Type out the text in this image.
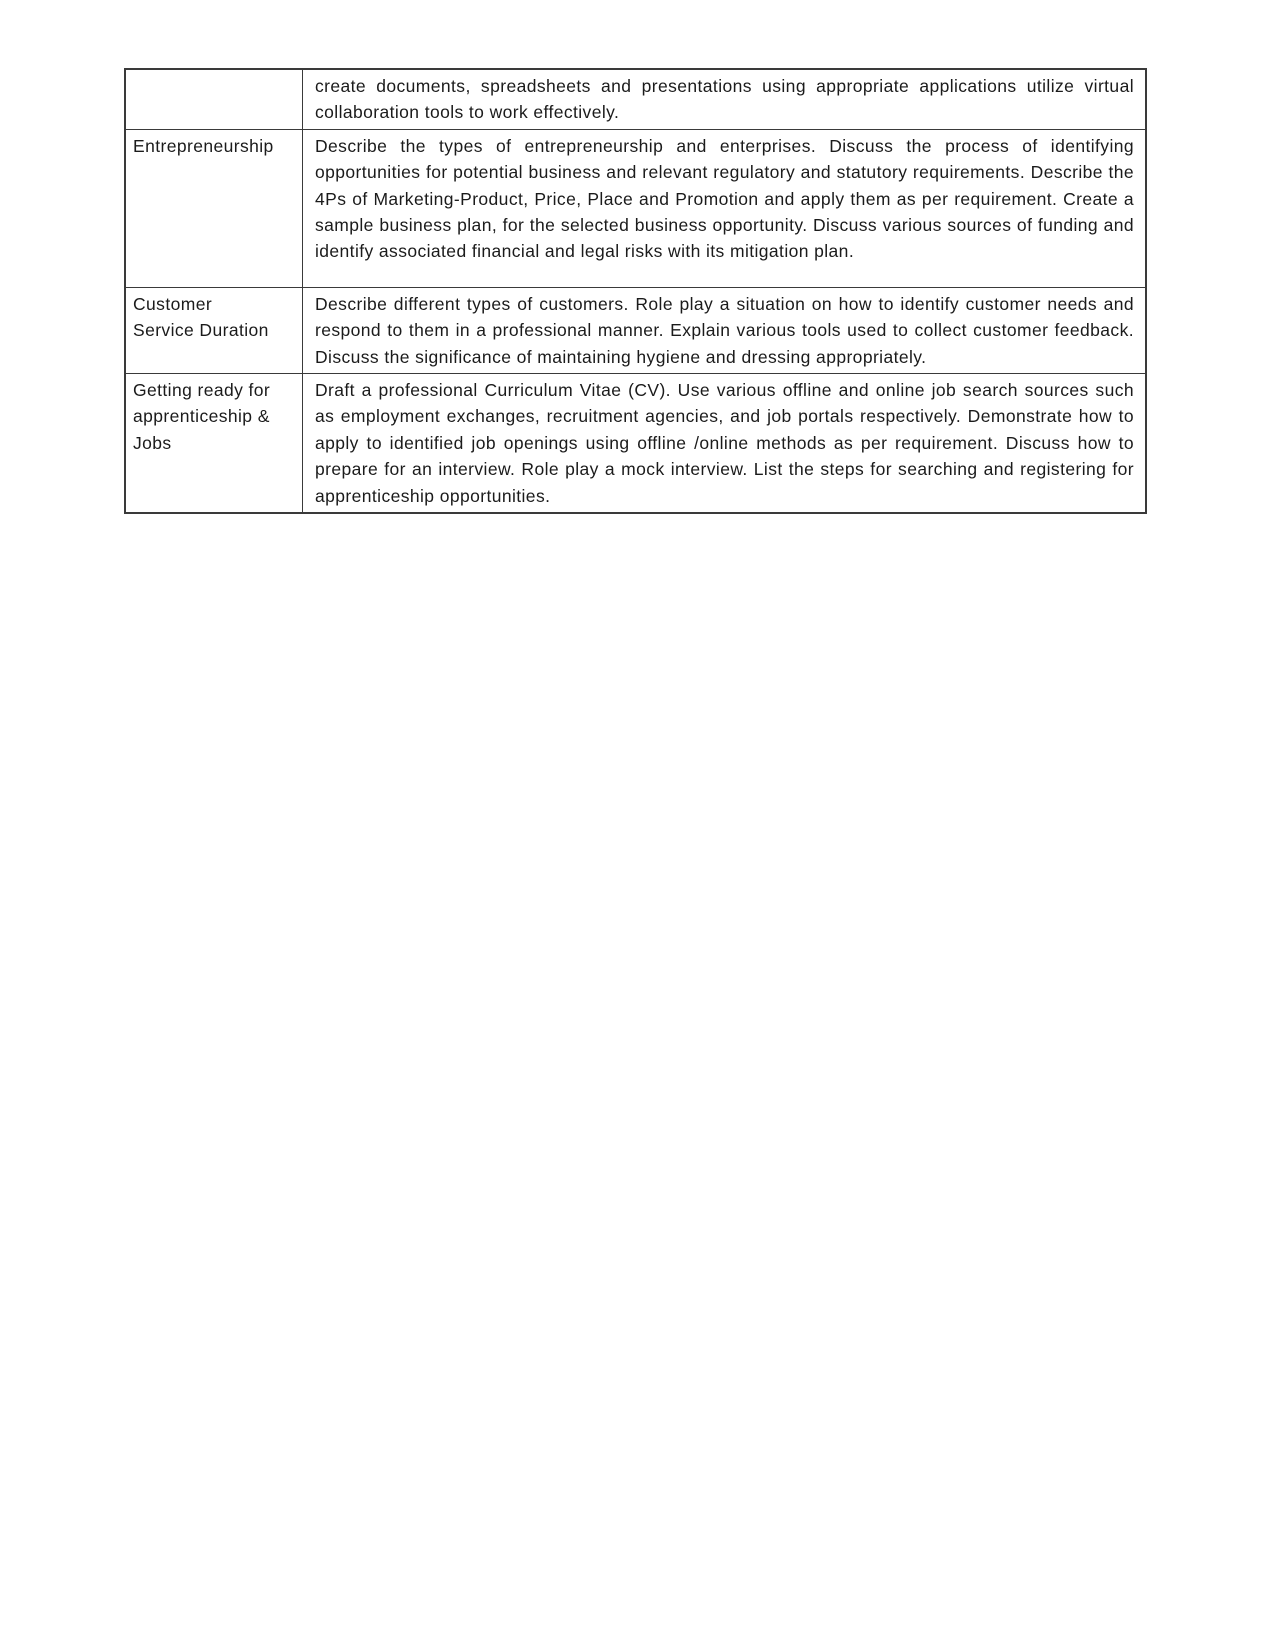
create documents, spreadsheets and presentations using appropriate applications utilize virtual collaboration tools to work effectively.

Entrepreneurship	Describe the types of entrepreneurship and enterprises. Discuss the process of identifying opportunities for potential business and relevant regulatory and statutory requirements. Describe the 4Ps of Marketing-Product, Price, Place and Promotion and apply them as per requirement. Create a sample business plan, for the selected business opportunity. Discuss various sources of funding and identify associated financial and legal risks with its mitigation plan.

Customer
Service Duration

Describe different types of customers. Role play a situation on how to identify customer needs and respond to them in a professional manner. Explain various tools used to collect customer feedback. Discuss the significance of maintaining hygiene and dressing appropriately.

Getting ready for
apprenticeship &
Jobs

Draft a professional Curriculum Vitae (CV). Use various offline and online job search sources such as employment exchanges, recruitment agencies, and job portals respectively. Demonstrate how to apply to identified job openings using offline /online methods as per requirement. Discuss how to prepare for an interview. Role play a mock interview. List the steps for searching and registering for apprenticeship opportunities.
